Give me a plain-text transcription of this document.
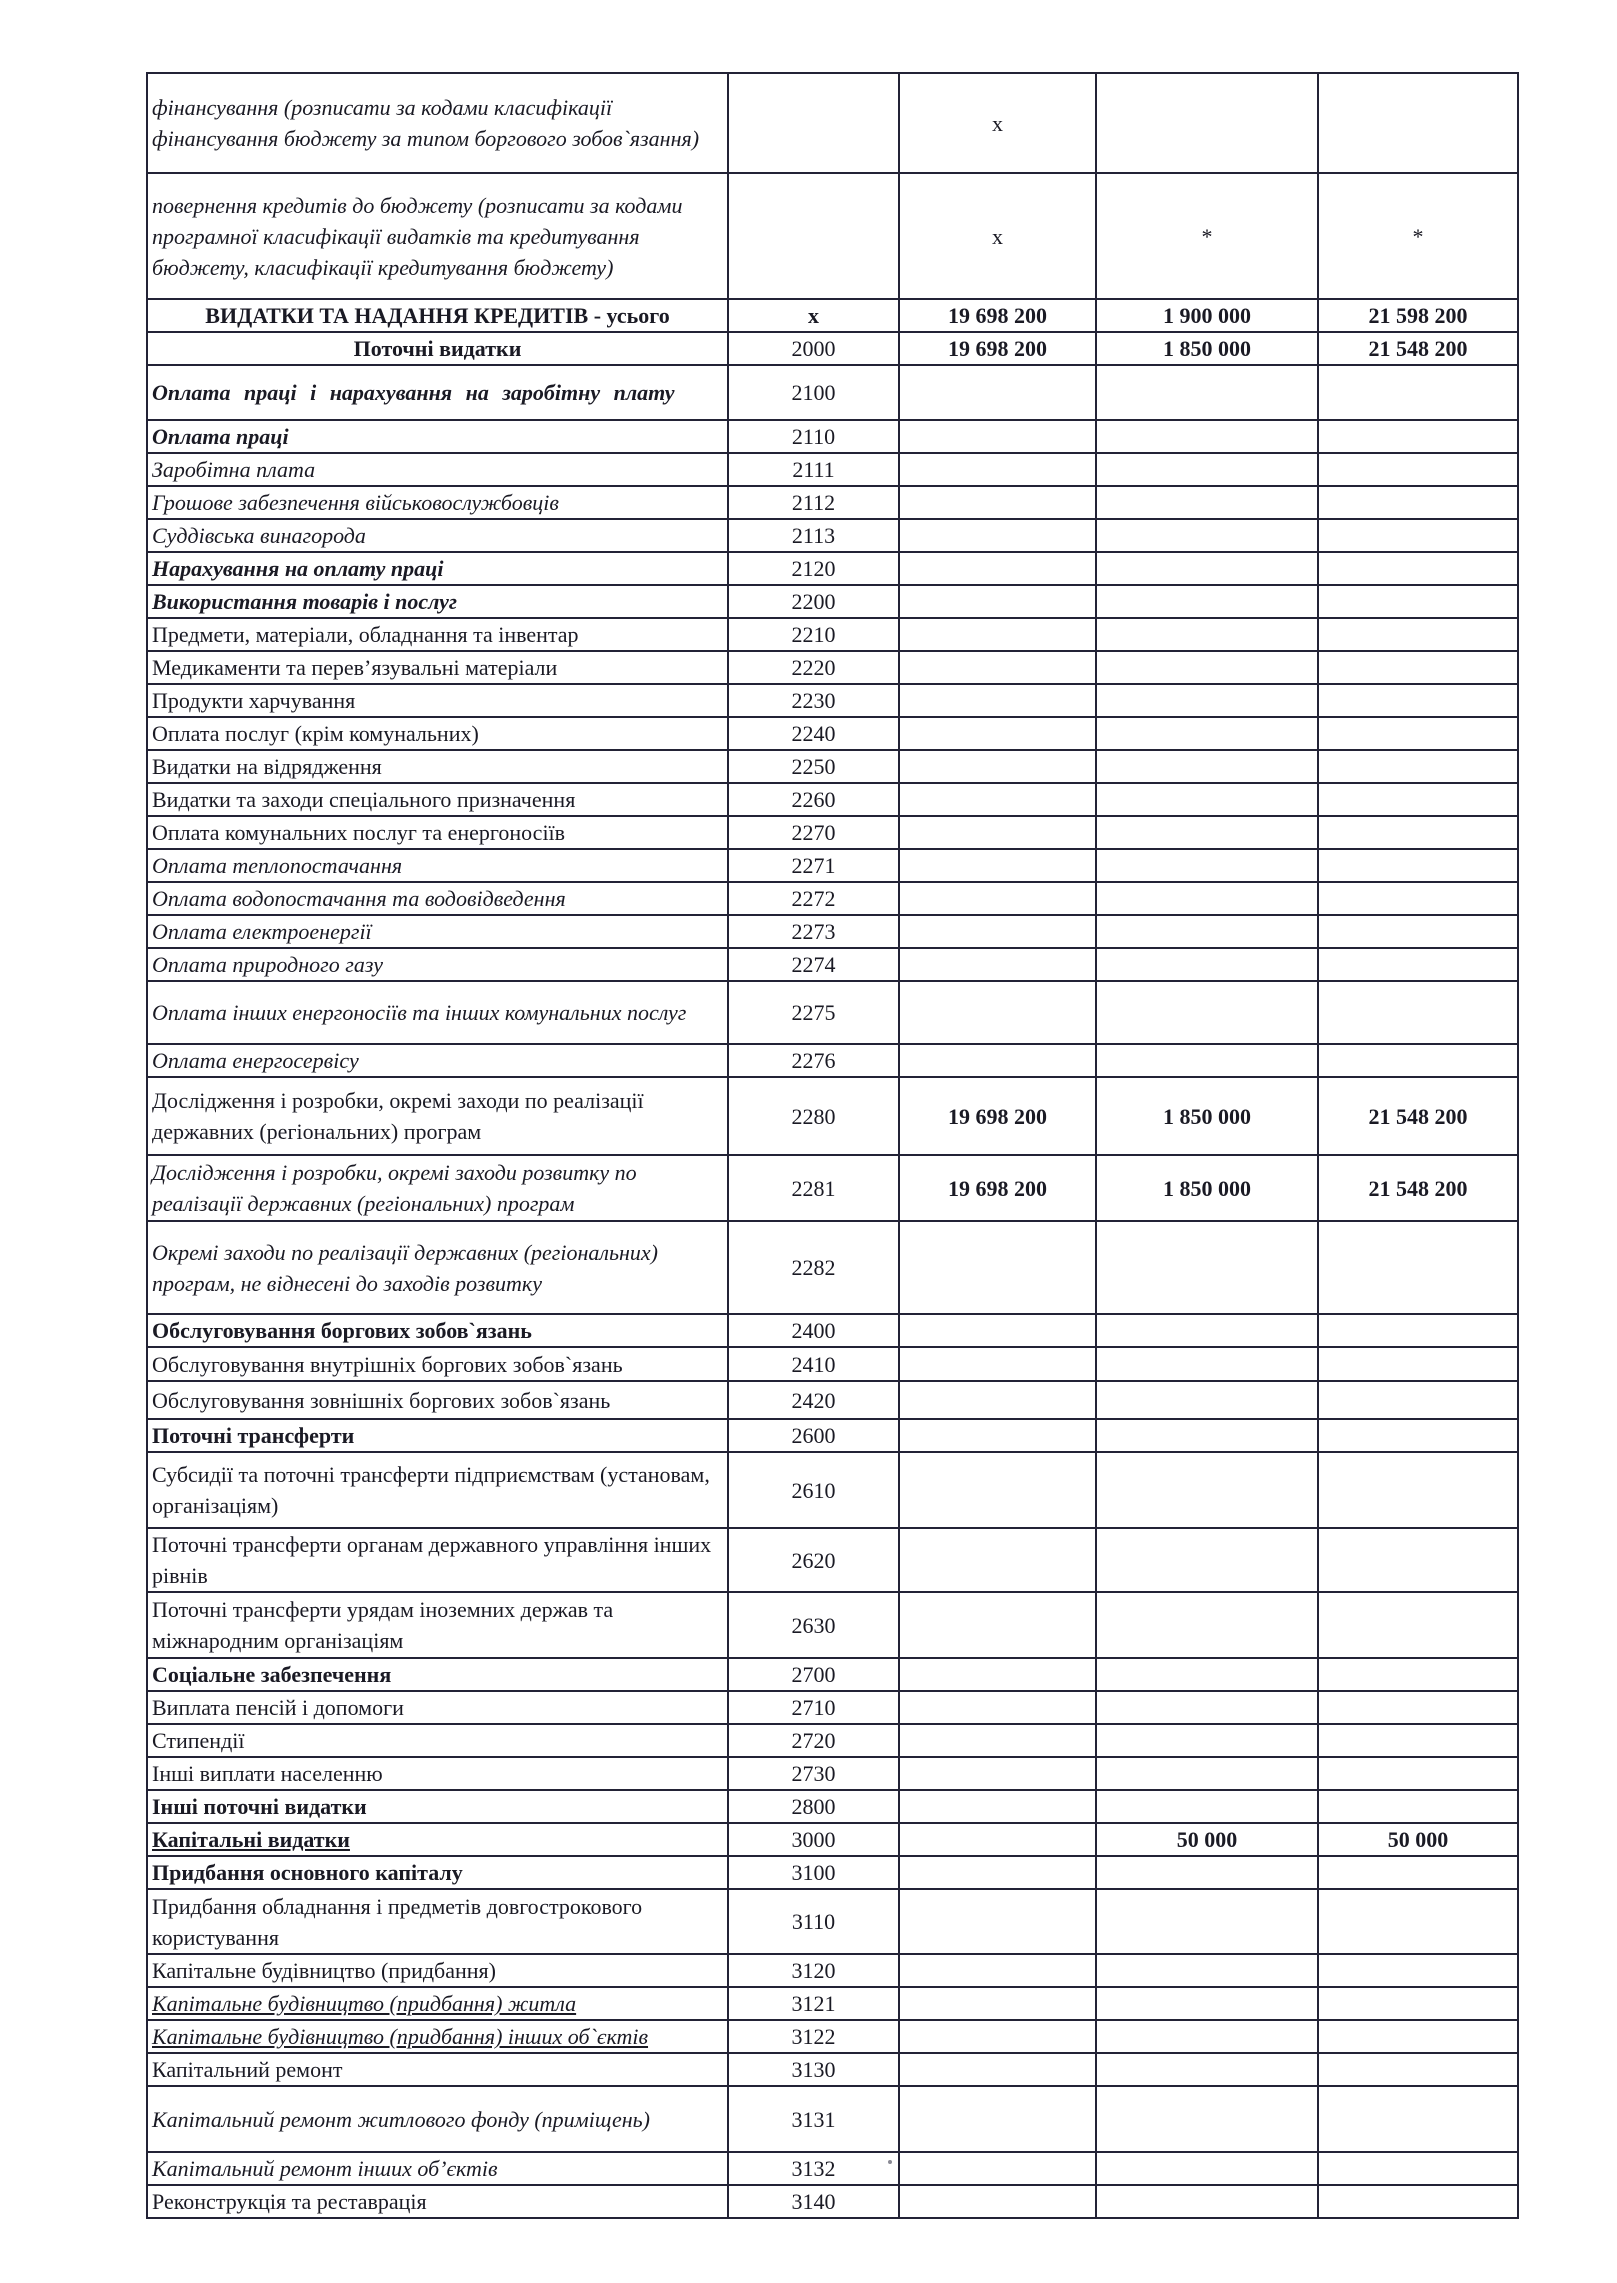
фінансування (розписати за кодами класифікації фінансування бюджету за типом боргового зобов`язання)		x		
повернення кредитів до бюджету (розписати за кодами програмної класифікації видатків та кредитування бюджету, класифікації кредитування бюджету)		x	*	*
ВИДАТКИ ТА НАДАННЯ КРЕДИТІВ - усього	x	19 698 200	1 900 000	21 598 200
Поточні видатки	2000	19 698 200	1 850 000	21 548 200
Оплата праці і нарахування на заробітну плату	2100			
Оплата праці	2110			
Заробітна плата	2111			
Грошове забезпечення військовослужбовців	2112			
Суддівська винагорода	2113			
Нарахування на оплату праці	2120			
Використання товарів і послуг	2200			
Предмети, матеріали, обладнання та інвентар	2210			
Медикаменти та перев’язувальні матеріали	2220			
Продукти харчування	2230			
Оплата послуг (крім комунальних)	2240			
Видатки на відрядження	2250			
Видатки та заходи спеціального призначення	2260			
Оплата комунальних послуг та енергоносіїв	2270			
Оплата теплопостачання	2271			
Оплата водопостачання та водовідведення	2272			
Оплата електроенергії	2273			
Оплата природного газу	2274			
Оплата інших енергоносіїв та інших комунальних послуг	2275			
Оплата енергосервісу	2276			
Дослідження і розробки, окремі заходи по реалізації державних (регіональних) програм	2280	19 698 200	1 850 000	21 548 200
Дослідження і розробки, окремі заходи розвитку по реалізації державних (регіональних) програм	2281	19 698 200	1 850 000	21 548 200
Окремі заходи по реалізації державних (регіональних) програм, не віднесені до заходів розвитку	2282			
Обслуговування боргових зобов`язань	2400			
Обслуговування внутрішніх боргових зобов`язань	2410			
Обслуговування зовнішніх боргових зобов`язань	2420			
Поточні трансферти	2600			
Субсидії та поточні трансферти підприємствам (установам, організаціям)	2610			
Поточні трансферти органам державного управління інших рівнів	2620			
Поточні трансферти урядам іноземних держав та міжнародним організаціям	2630			
Соціальне забезпечення	2700			
Виплата пенсій і допомоги	2710			
Стипендії	2720			
Інші виплати населенню	2730			
Інші поточні видатки	2800			
Капітальні видатки	3000		50 000	50 000
Придбання основного капіталу	3100			
Придбання обладнання і предметів довгострокового користування	3110			
Капітальне будівництво (придбання)	3120			
Капітальне будівництво (придбання) житла	3121			
Капітальне будівництво (придбання) інших об`єктів	3122			
Капітальний ремонт	3130			
Капітальний ремонт житлового фонду (приміщень)	3131			
Капітальний ремонт інших об’єктів	3132			
Реконструкція та реставрація	3140			
